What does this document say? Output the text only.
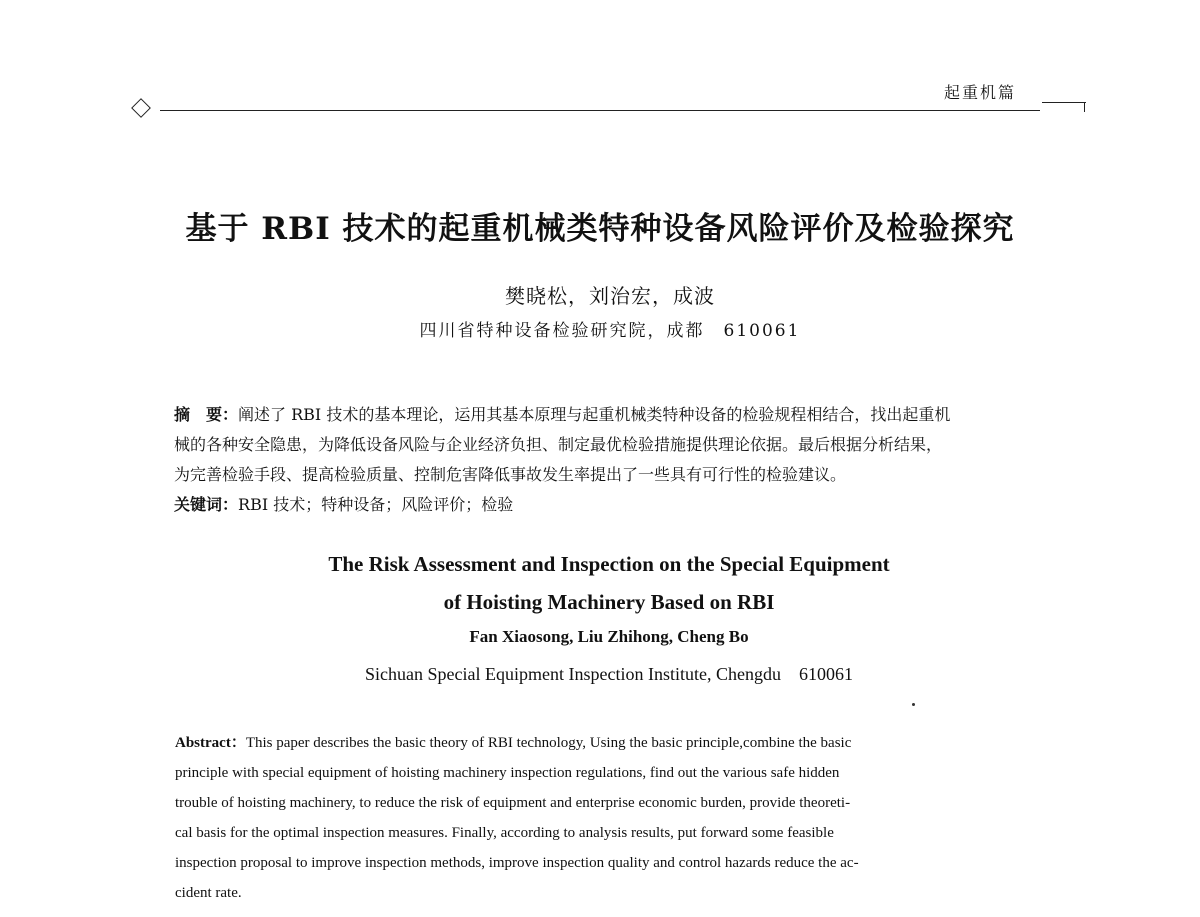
起重机篇
基于 RBI 技术的起重机械类特种设备风险评价及检验探究
樊晓松，刘治宏，成波
四川省特种设备检验研究院，成都　610061

摘　要：阐述了 RBI 技术的基本理论，运用其基本原理与起重机械类特种设备的检验规程相结合，找出起重机

械的各种安全隐患，为降低设备风险与企业经济负担、制定最优检验措施提供理论依据。最后根据分析结果，

为完善检验手段、提高检验质量、控制危害降低事故发生率提出了一些具有可行性的检验建议。

关键词：RBI 技术；特种设备；风险评价；检验

The Risk Assessment and Inspection on the Special Equipment
of Hoisting Machinery Based on RBI
Fan Xiaosong, Liu Zhihong, Cheng Bo
Sichuan Special Equipment Inspection Institute, Chengdu　610061

Abstract：This paper describes the basic theory of RBI technology, Using the basic principle,combine the basic

principle with special equipment of hoisting machinery inspection regulations, find out the various safe hidden

trouble of hoisting machinery, to reduce the risk of equipment and enterprise economic burden, provide theoreti-

cal basis for the optimal inspection measures. Finally, according to analysis results, put forward some feasible

inspection proposal to improve inspection methods, improve inspection quality and control hazards reduce the ac-

cident rate.
